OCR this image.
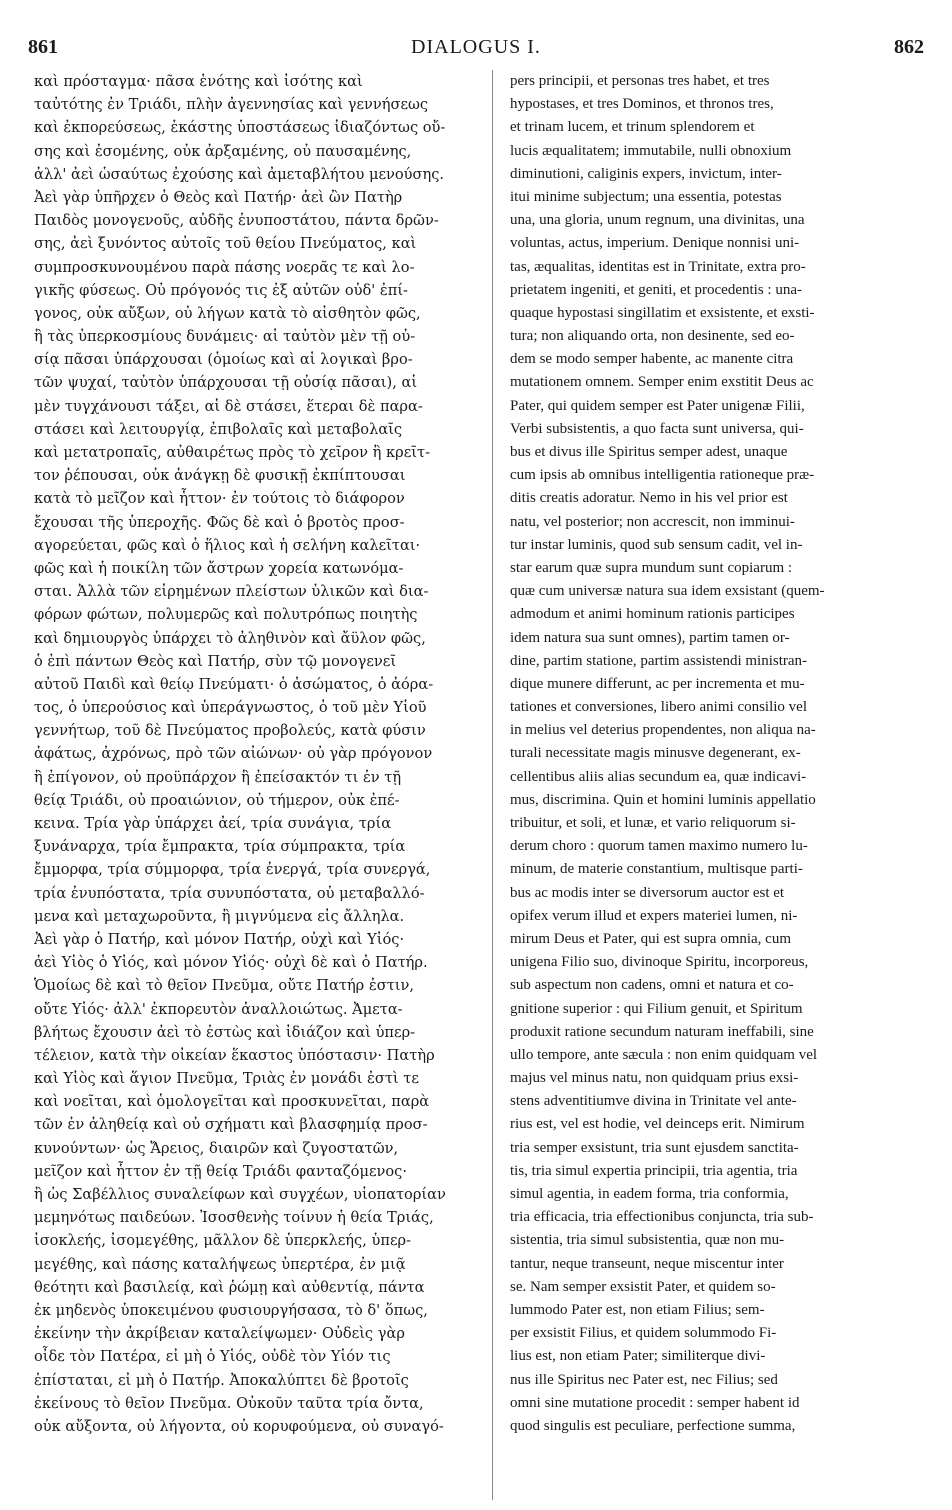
861	DIALOGUS I.	862
καὶ πρόσταγμα· πᾶσα ἑνότης καὶ ἰσότης καὶ
ταὐτότης ἐν Τριάδι, πλὴν ἀγεννησίας καὶ γεννήσεως
καὶ ἐκπορεύσεως, ἑκάστης ὑποστάσεως ἰδιαζόντως οὔ-
σης καὶ ἐσομένης, οὐκ ἀρξαμένης, οὐ παυσαμένης,
ἀλλ' ἀεὶ ὡσαύτως ἐχούσης καὶ ἀμεταβλήτου μενούσης.
Ἀεὶ γὰρ ὑπῆρχεν ὁ Θεὸς καὶ Πατήρ· ἀεὶ ὢν Πατὴρ
Παιδὸς μονογενοῦς, αὐδῆς ἐνυποστάτου, πάντα δρῶν-
σης, ἀεὶ ξυνόντος αὐτοῖς τοῦ θείου Πνεύματος, καὶ
συμπροσκυνουμένου παρὰ πάσης νοερᾶς τε καὶ λο-
γικῆς φύσεως. Οὐ πρόγονός τις ἐξ αὐτῶν οὐδ' ἐπί-
γονος, οὐκ αὔξων, οὐ λήγων κατὰ τὸ αἰσθητὸν φῶς,
ἢ τὰς ὑπερκοσμίους δυνάμεις· αἱ ταὐτὸν μὲν τῇ οὐ-
σίᾳ πᾶσαι ὑπάρχουσαι (ὁμοίως καὶ αἱ λογικαὶ βρο-
τῶν ψυχαί, ταὐτὸν ὑπάρχουσαι τῇ οὐσίᾳ πᾶσαι), αἱ
μὲν τυγχάνουσι τάξει, αἱ δὲ στάσει, ἕτεραι δὲ παρα-
στάσει καὶ λειτουργίᾳ, ἐπιβολαῖς καὶ μεταβολαῖς
καὶ μετατροπαῖς, αὐθαιρέτως πρὸς τὸ χεῖρον ἢ κρεῖτ-
τον ῥέπουσαι, οὐκ ἀνάγκῃ δὲ φυσικῇ ἐκπίπτουσαι
κατὰ τὸ μεῖζον καὶ ἧττον· ἐν τούτοις τὸ διάφορον
ἔχουσαι τῆς ὑπεροχῆς. Φῶς δὲ καὶ ὁ βροτὸς προσ-
αγορεύεται, φῶς καὶ ὁ ἥλιος καὶ ἡ σελήνη καλεῖται·
φῶς καὶ ἡ ποικίλη τῶν ἄστρων χορεία κατωνόμα-
σται. Ἀλλὰ τῶν εἰρημένων πλείστων ὑλικῶν καὶ δια-
φόρων φώτων, πολυμερῶς καὶ πολυτρόπως ποιητὴς
καὶ δημιουργὸς ὑπάρχει τὸ ἀληθινὸν καὶ ἄϋλον φῶς,
ὁ ἐπὶ πάντων Θεὸς καὶ Πατήρ, σὺν τῷ μονογενεῖ
αὐτοῦ Παιδὶ καὶ θείῳ Πνεύματι· ὁ ἀσώματος, ὁ ἀόρα-
τος, ὁ ὑπερούσιος καὶ ὑπεράγνωστος, ὁ τοῦ μὲν Υἱοῦ
γεννήτωρ, τοῦ δὲ Πνεύματος προβολεύς, κατὰ φύσιν
ἀφάτως, ἀχρόνως, πρὸ τῶν αἰώνων· οὐ γὰρ πρόγονον
ἢ ἐπίγονον, οὐ προϋπάρχον ἢ ἐπείσακτόν τι ἐν τῇ
θείᾳ Τριάδι, οὐ προαιώνιον, οὐ τήμερον, οὐκ ἐπέ-
κεινα. Τρία γὰρ ὑπάρχει ἀεί, τρία συνάγια, τρία
ξυνάναρχα, τρία ἔμπρακτα, τρία σύμπρακτα, τρία
ἔμμορφα, τρία σύμμορφα, τρία ἐνεργά, τρία συνεργά,
τρία ἐνυπόστατα, τρία συνυπόστατα, οὐ μεταβαλλό-
μενα καὶ μεταχωροῦντα, ἢ μιγνύμενα εἰς ἄλληλα.
Ἀεὶ γὰρ ὁ Πατήρ, καὶ μόνον Πατήρ, οὐχὶ καὶ Υἱός·
ἀεὶ Υἱὸς ὁ Υἱός, καὶ μόνον Υἱός· οὐχὶ δὲ καὶ ὁ Πατήρ.
Ὁμοίως δὲ καὶ τὸ θεῖον Πνεῦμα, οὔτε Πατήρ ἐστιν,
οὔτε Υἱός· ἀλλ' ἐκπορευτὸν ἀναλλοιώτως. Ἀμετα-
βλήτως ἔχουσιν ἀεὶ τὸ ἐστὼς καὶ ἰδιάζον καὶ ὑπερ-
τέλειον, κατὰ τὴν οἰκείαν ἕκαστος ὑπόστασιν· Πατὴρ
καὶ Υἱὸς καὶ ἅγιον Πνεῦμα, Τριὰς ἐν μονάδι ἐστὶ τε
καὶ νοεῖται, καὶ ὁμολογεῖται καὶ προσκυνεῖται, παρὰ
τῶν ἐν ἀληθείᾳ καὶ οὐ σχήματι καὶ βλασφημίᾳ προσ-
κυνούντων· ὡς Ἄρειος, διαιρῶν καὶ ζυγοστατῶν,
μεῖζον καὶ ἧττον ἐν τῇ θείᾳ Τριάδι φανταζόμενος·
ἢ ὡς Σαβέλλιος συναλείφων καὶ συγχέων, υἱοπατορίαν
μεμηνότως παιδεύων. Ἰσοσθενὴς τοίνυν ἡ θεία Τριάς,
ἰσοκλεής, ἰσομεγέθης, μᾶλλον δὲ ὑπερκλεής, ὑπερ-
μεγέθης, καὶ πάσης καταλήψεως ὑπερτέρα, ἐν μιᾷ
θεότητι καὶ βασιλείᾳ, καὶ ῥώμῃ καὶ αὐθεντίᾳ, πάντα
ἐκ μηδενὸς ὑποκειμένου φυσιουργήσασα, τὸ δ' ὅπως,
ἐκείνην τὴν ἀκρίβειαν καταλείψωμεν· Οὐδεὶς γὰρ
οἶδε τὸν Πατέρα, εἰ μὴ ὁ Υἱός, οὐδὲ τὸν Υἱόν τις
ἐπίσταται, εἰ μὴ ὁ Πατήρ. Ἀποκαλύπτει δὲ βροτοῖς
ἐκείνους τὸ θεῖον Πνεῦμα. Οὐκοῦν ταῦτα τρία ὄντα,
οὐκ αὔξοντα, οὐ λήγοντα, οὐ κορυφούμενα, οὐ συναγό-
pers principii, et personas tres habet, et tres
hypostases, et tres Dominos, et thronos tres,
et trinam lucem, et trinum splendorem et
lucis æqualitatem; immutabile, nulli obnoxium
diminutioni, caliginis expers, invictum, inter-
itui minime subjectum; una essentia, potestas
una, una gloria, unum regnum, una divinitas, una
voluntas, actus, imperium. Denique nonnisi uni-
tas, æqualitas, identitas est in Trinitate, extra pro-
prietatem ingeniti, et geniti, et procedentis : una-
quaque hypostasi singillatim et exsistente, et exsti-
tura; non aliquando orta, non desinente, sed eo-
dem se modo semper habente, ac manente citra
mutationem omnem. Semper enim exstitit Deus ac
Pater, qui quidem semper est Pater unigenæ Filii,
Verbi subsistentis, a quo facta sunt universa, qui-
bus et divus ille Spiritus semper adest, unaque
cum ipsis ab omnibus intelligentia rationeque præ-
ditis creatis adoratur. Nemo in his vel prior est
natu, vel posterior; non accrescit, non imminui-
tur instar luminis, quod sub sensum cadit, vel in-
star earum quæ supra mundum sunt copiarum :
quæ cum universæ natura sua idem exsistant (quem-
admodum et animi hominum rationis participes
idem natura sua sunt omnes), partim tamen or-
dine, partim statione, partim assistendi ministran-
dique munere differunt, ac per incrementa et mu-
tationes et conversiones, libero animi consilio vel
in melius vel deterius propendentes, non aliqua na-
turali necessitate magis minusve degenerant, ex-
cellentibus aliis alias secundum ea, quæ indicavi-
mus, discrimina. Quin et homini luminis appellatio
tribuitur, et soli, et lunæ, et vario reliquorum si-
derum choro : quorum tamen maximo numero lu-
minum, de materie constantium, multisque parti-
bus ac modis inter se diversorum auctor est et
opifex verum illud et expers materiei lumen, ni-
mirum Deus et Pater, qui est supra omnia, cum
unigena Filio suo, divinoque Spiritu, incorporeus,
sub aspectum non cadens, omni et natura et co-
gnitione superior : qui Filium genuit, et Spiritum
produxit ratione secundum naturam ineffabili, sine
ullo tempore, ante sæcula : non enim quidquam vel
majus vel minus natu, non quidquam prius exsi-
stens adventitiumve divina in Trinitate vel ante-
rius est, vel est hodie, vel deinceps erit. Nimirum
tria semper exsistunt, tria sunt ejusdem sanctita-
tis, tria simul expertia principii, tria agentia, tria
simul agentia, in eadem forma, tria conformia,
tria efficacia, tria effectionibus conjuncta, tria sub-
sistentia, tria simul subsistentia, quæ non mu-
tantur, neque transeunt, neque miscentur inter
se. Nam semper exsistit Pater, et quidem so-
lummodo Pater est, non etiam Filius; sem-
per exsistit Filius, et quidem solummodo Fi-
lius est, non etiam Pater; similiterque divi-
nus ille Spiritus nec Pater est, nec Filius; sed
omni sine mutatione procedit : semper habent id
quod singulis est peculiare, perfectione summa,
